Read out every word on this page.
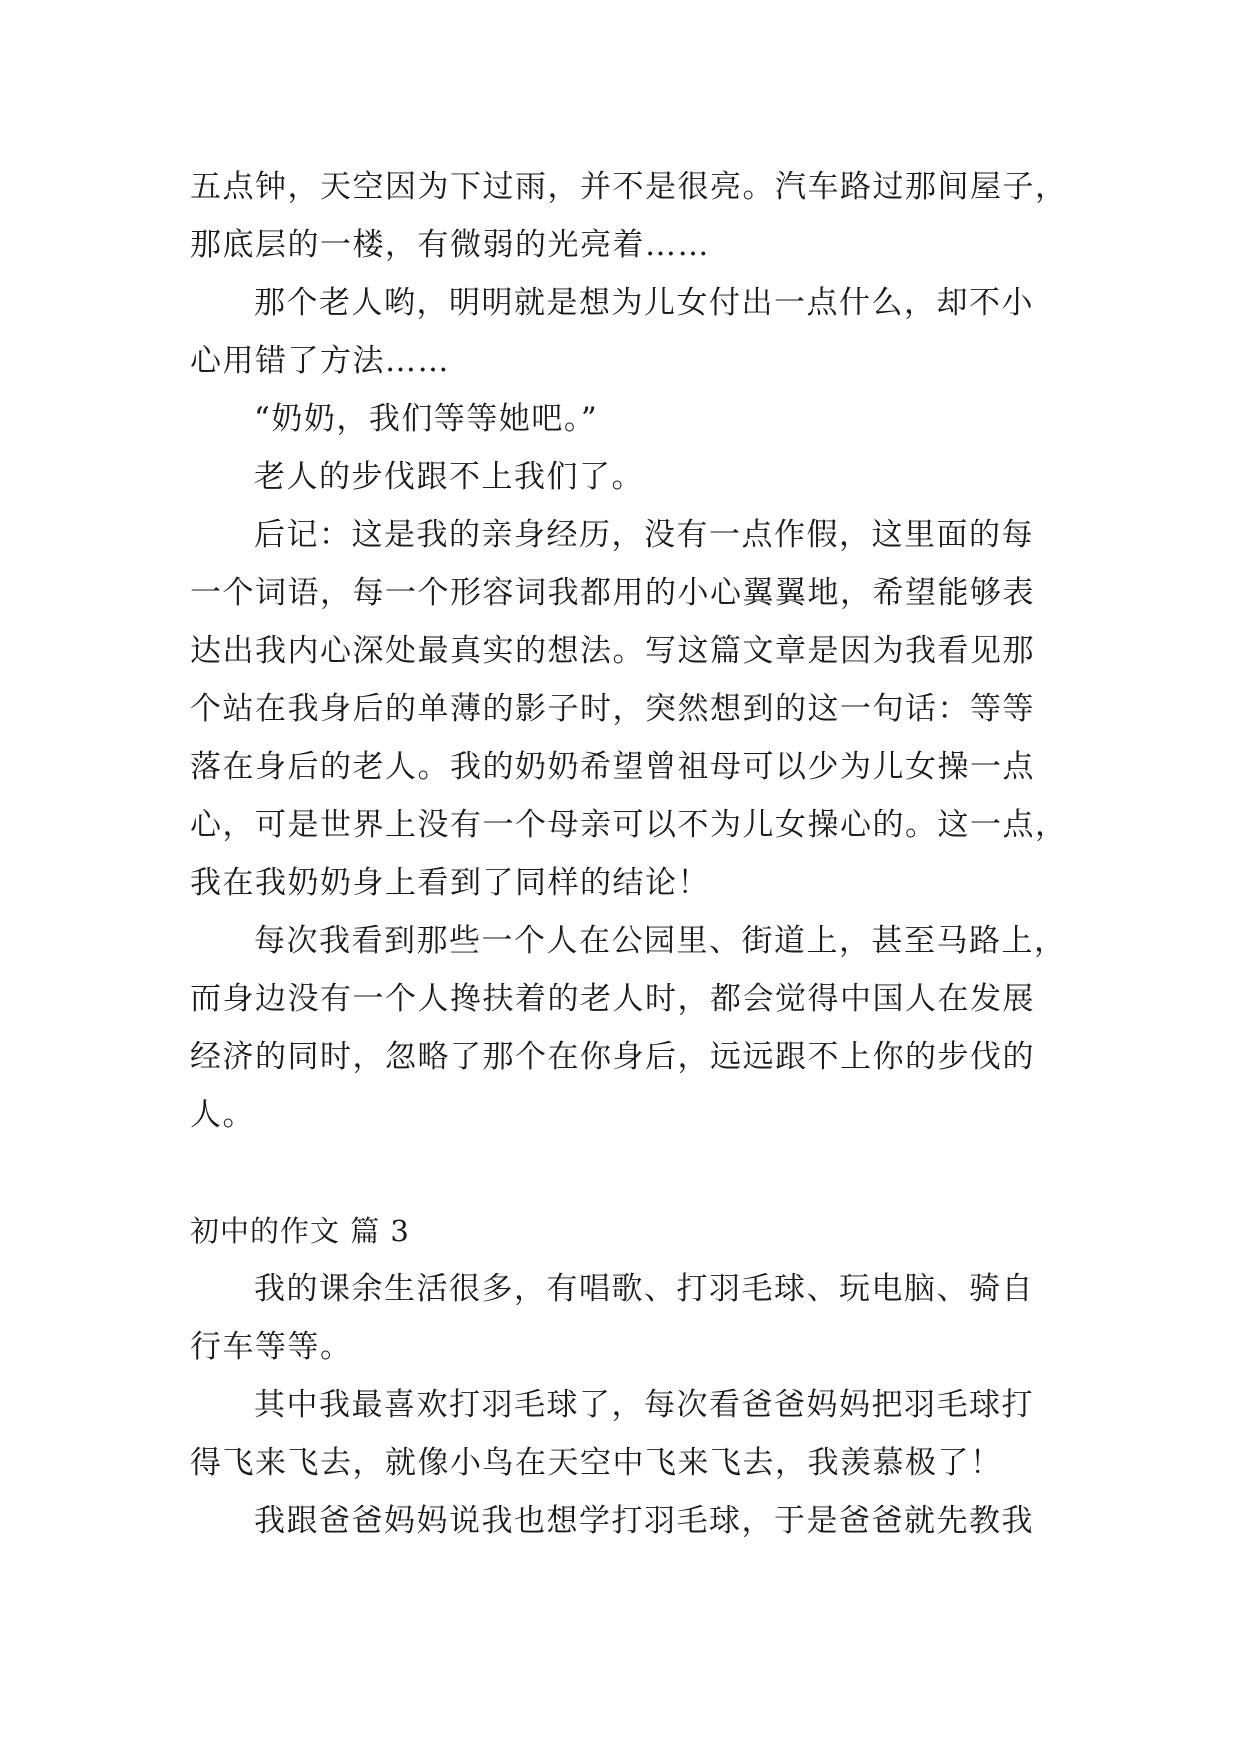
五点钟，天空因为下过雨，并不是很亮。汽车路过那间屋子，
那底层的一楼，有微弱的光亮着……
那个老人哟，明明就是想为儿女付出一点什么，却不小
心用错了方法……
“奶奶，我们等等她吧。”
老人的步伐跟不上我们了。
后记：这是我的亲身经历，没有一点作假，这里面的每
一个词语，每一个形容词我都用的小心翼翼地，希望能够表
达出我内心深处最真实的想法。写这篇文章是因为我看见那
个站在我身后的单薄的影子时，突然想到的这一句话：等等
落在身后的老人。我的奶奶希望曾祖母可以少为儿女操一点
心，可是世界上没有一个母亲可以不为儿女操心的。这一点，
我在我奶奶身上看到了同样的结论！
每次我看到那些一个人在公园里、街道上，甚至马路上，
而身边没有一个人搀扶着的老人时，都会觉得中国人在发展
经济的同时，忽略了那个在你身后，远远跟不上你的步伐的
人。
初中的作文 篇 3
我的课余生活很多，有唱歌、打羽毛球、玩电脑、骑自
行车等等。
其中我最喜欢打羽毛球了，每次看爸爸妈妈把羽毛球打
得飞来飞去，就像小鸟在天空中飞来飞去，我羡慕极了！
我跟爸爸妈妈说我也想学打羽毛球，于是爸爸就先教我
